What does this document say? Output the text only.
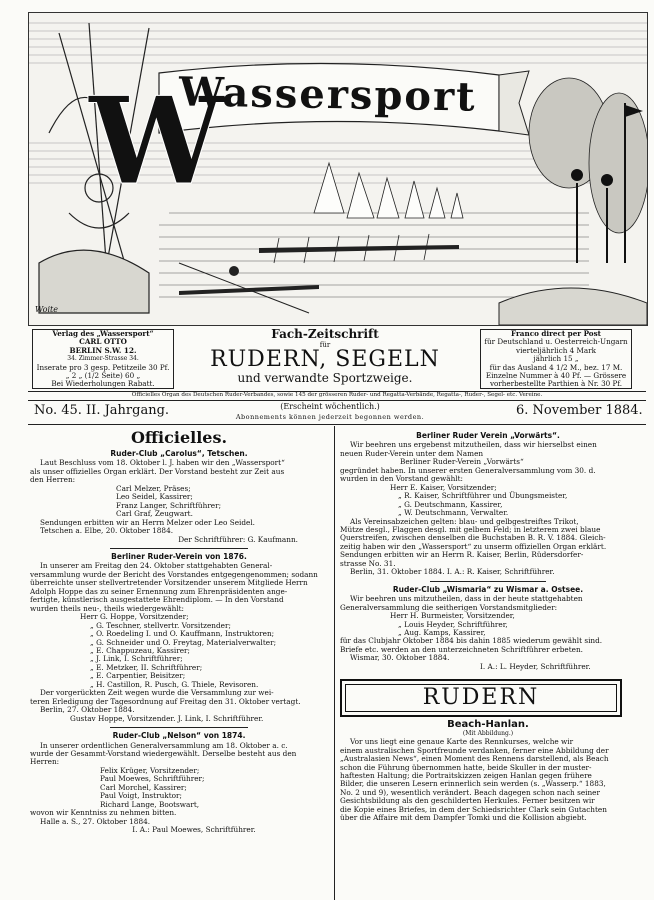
W
Wassersport
Woite
Verlag des „Wassersport“
CARL OTTO
BERLIN S.W. 12.
34. Zimmer-Strasse 34.
Inserate pro 3 gesp. Petitzeile 30 Pf.
„ 2 „ (1/2 Seite) 60 „
Bei Wiederholungen Rabatt.
Fach-Zeitschrift
für
RUDERN, SEGELN
und verwandte Sportzweige.
Franco direct per Post
für Deutschland u. Oesterreich-Ungarn
vierteljährlich 4 Mark
jährlich 15 „
für das Ausland 4 1/2 M., bez. 17 M.
Einzelne Nummer à 40 Pf. — Grössere
vorherbestellte Parthien à Nr. 30 Pf.
Officielles Organ des Deutschen Ruder-Verbandes, sowie 145 der grösseren Ruder- und Regatta-Verbände, Regatta-, Ruder-, Segel- etc. Vereine.
No. 45. II. Jahrgang.	(Erscheint wöchentlich.)
Abonnements können jederzeit begonnen werden.	6. November 1884.
Officielles.
Ruder-Club „Carolus“, Tetschen.

Laut Beschluss vom 18. Oktober l. J. haben wir den „Wassersport“

als unser offizielles Organ erklärt. Der Vorstand besteht zur Zeit aus

den Herren:

Carl Melzer, Präses;

Leo Seidel, Kassirer;

Franz Langer, Schriftführer;

Carl Graf, Zeugwart.

Sendungen erbitten wir an Herrn Melzer oder Leo Seidel.

Tetschen a. Elbe, 20. Oktober 1884.

Der Schriftführer: G. Kaufmann.

Berliner Ruder-Verein von 1876.

In unserer am Freitag den 24. Oktober stattgehabten General-

versammlung wurde der Bericht des Vorstandes entgegengenommen; sodann

überreichte unser stellvertretender Vorsitzender unserem Mitgliede Herrn

Adolph Hoppe das zu seiner Ernennung zum Ehrenpräsidenten ange-

fertigte, künstlerisch ausgestattete Ehrendiplom. — In den Vorstand

wurden theils neu-, theils wiedergewählt:

Herr G. Hoppe, Vorsitzender;

„ G. Teschner, stellvertr. Vorsitzender;

„ O. Roedeling I. und O. Kauffmann, Instruktoren;

„ G. Schneider und O. Freytag, Materialverwalter;

„ E. Chappuzeau, Kassirer;

„ J. Link, I. Schriftführer;

„ E. Metzker, II. Schriftführer;

„ E. Carpentier, Beisitzer;

„ H. Castillon, R. Pusch, G. Thiele, Revisoren.

Der vorgerückten Zeit wegen wurde die Versammlung zur wei-

teren Erledigung der Tagesordnung auf Freitag den 31. Oktober vertagt.

Berlin, 27. Oktober 1884.

Gustav Hoppe, Vorsitzender. J. Link, I. Schriftführer.

Ruder-Club „Nelson“ von 1874.

In unserer ordentlichen Generalversammlung am 18. Oktober a. c.

wurde der Gesammt-Vorstand wiedergewählt. Derselbe besteht aus den

Herren:

Felix Krüger, Vorsitzender;

Paul Moewes, Schriftführer;

Carl Morchel, Kassirer;

Paul Voigt, Instruktor;

Richard Lange, Bootswart,

wovon wir Kenntniss zu nehmen bitten.

Halle a. S., 27. Oktober 1884.

I. A.: Paul Moewes, Schriftführer.

Berliner Ruder Verein „Vorwärts“.

Wir beehren uns ergebenst mitzutheilen, dass wir hierselbst einen

neuen Ruder-Verein unter dem Namen

Berliner Ruder-Verein „Vorwärts“

gegründet haben. In unserer ersten Generalversammlung vom 30. d.

wurden in den Vorstand gewählt:

Herr E. Kaiser, Vorsitzender;

„ R. Kaiser, Schriftführer und Übungsmeister,

„ G. Deutschmann, Kassirer,

„ W. Deutschmann, Verwalter.

Als Vereinsabzeichen gelten: blau- und gelbgestreiftes Trikot,

Mütze desgl., Flaggen desgl. mit gelbem Feld; in letzterem zwei blaue

Querstreifen, zwischen denselben die Buchstaben B. R. V. 1884. Gleich-

zeitig haben wir den „Wassersport“ zu unserm offiziellen Organ erklärt.

Sendungen erbitten wir an Herrn R. Kaiser, Berlin, Rüdersdorfer-

strasse No. 31.

Berlin, 31. Oktober 1884. I. A.: R. Kaiser, Schriftführer.

Ruder-Club „Wismaria“ zu Wismar a. Ostsee.

Wir beehren uns mitzutheilen, dass in der heute stattgehabten

Generalversammlung die seitherigen Vorstandsmitglieder:

Herr H. Burmeister, Vorsitzender,

„ Louis Heyder, Schriftführer,

„ Aug. Kamps, Kassirer,

für das Clubjahr Oktober 1884 bis dahin 1885 wiederum gewählt sind.

Briefe etc. werden an den unterzeichneten Schriftführer erbeten.

Wismar, 30. Oktober 1884.

I. A.: L. Heyder, Schriftführer.

RUDERN
Beach-Hanlan.
(Mit Abbildung.)

Vor uns liegt eine genaue Karte des Rennkurses, welche wir

einem australischen Sportfreunde verdanken, ferner eine Abbildung der

„Australasien News“, einen Moment des Rennens darstellend, als Beach

schon die Führung übernommen hatte, beide Skuller in der muster-

haftesten Haltung; die Portraitskizzen zeigen Hanlan gegen frühere

Bilder, die unseren Lesern erinnerlich sein werden (s. „Wasserp.“ 1883,

No. 2 und 9), wesentlich verändert. Beach dagegen schon nach seiner

Gesichtsbildung als den geschilderten Herkules. Ferner besitzen wir

die Kopie eines Briefes, in dem der Schiedsrichter Clark sein Gutachten

über die Affaire mit dem Dampfer Tomki und die Kollision abgiebt.
